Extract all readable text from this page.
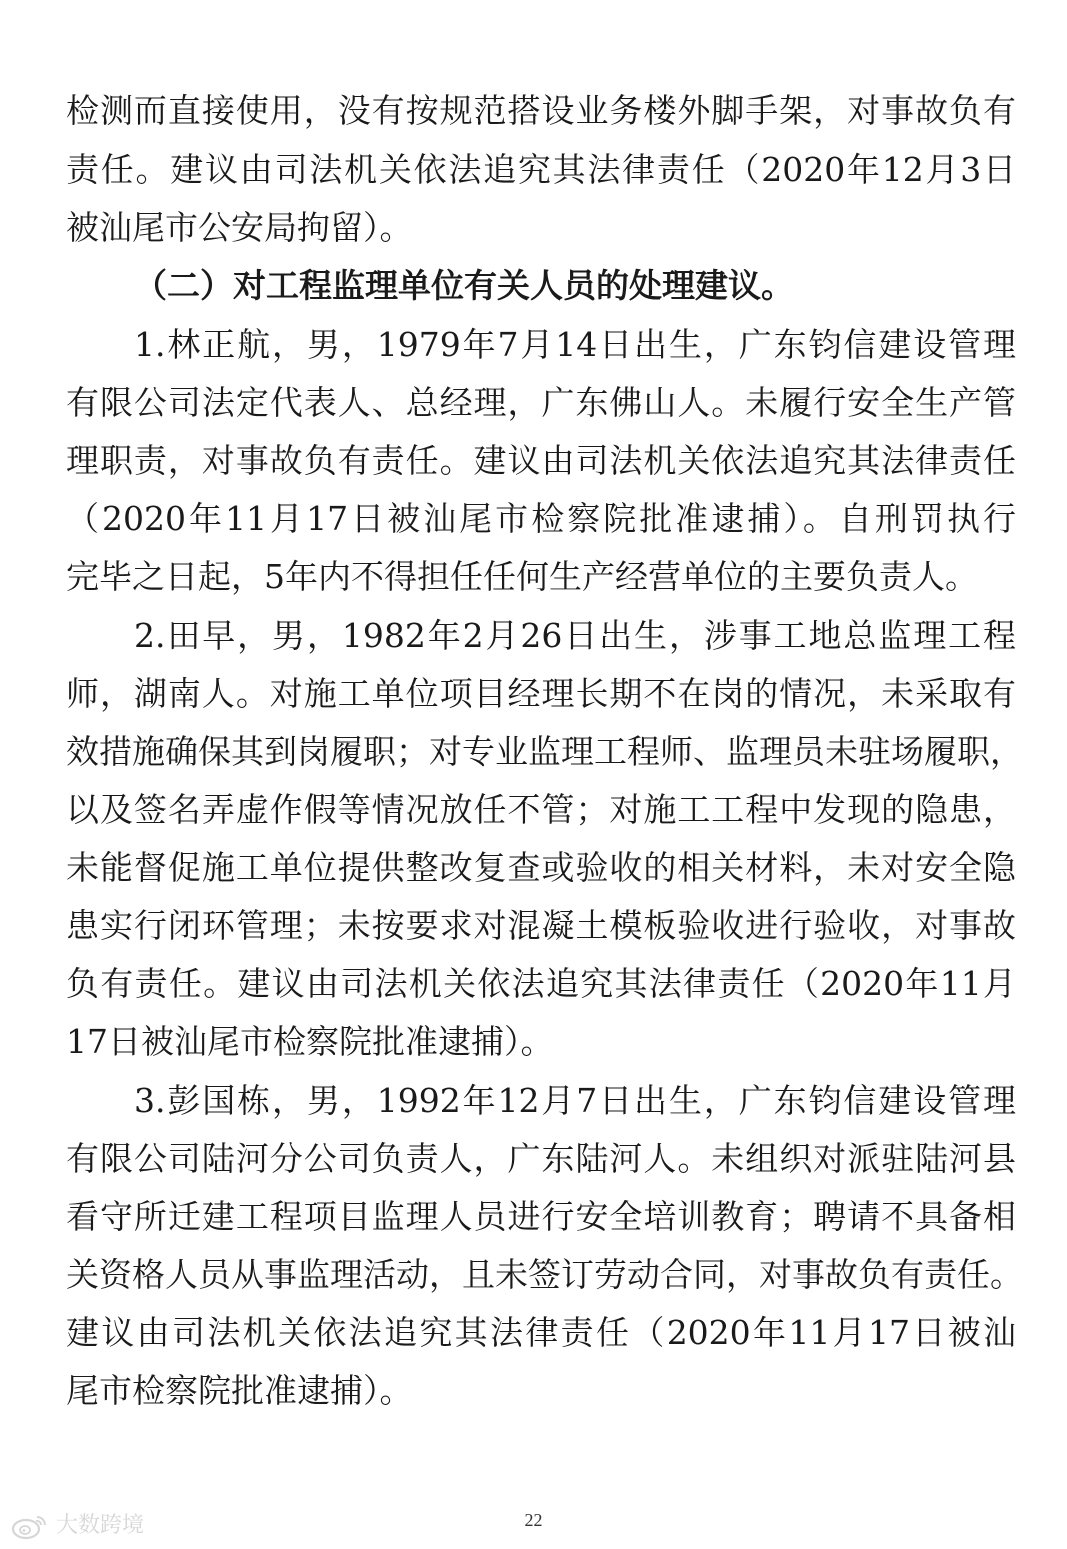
检测而直接使用，没有按规范搭设业务楼外脚手架，对事故负有
责任。建议由司法机关依法追究其法律责任（2020年12月3日
被汕尾市公安局拘留）。
（二）对工程监理单位有关人员的处理建议。
1.林正航，男，1979年7月14日出生，广东钧信建设管理
有限公司法定代表人、总经理，广东佛山人。未履行安全生产管
理职责，对事故负有责任。建议由司法机关依法追究其法律责任
（2020年11月17日被汕尾市检察院批准逮捕）。自刑罚执行
完毕之日起，5年内不得担任任何生产经营单位的主要负责人。
2.田早，男，1982年2月26日出生，涉事工地总监理工程
师，湖南人。对施工单位项目经理长期不在岗的情况，未采取有
效措施确保其到岗履职；对专业监理工程师、监理员未驻场履职，
以及签名弄虚作假等情况放任不管；对施工工程中发现的隐患，
未能督促施工单位提供整改复查或验收的相关材料，未对安全隐
患实行闭环管理；未按要求对混凝土模板验收进行验收，对事故
负有责任。建议由司法机关依法追究其法律责任（2020年11月
17日被汕尾市检察院批准逮捕）。
3.彭国栋，男，1992年12月7日出生，广东钧信建设管理
有限公司陆河分公司负责人，广东陆河人。未组织对派驻陆河县
看守所迁建工程项目监理人员进行安全培训教育；聘请不具备相
关资格人员从事监理活动，且未签订劳动合同，对事故负有责任。
建议由司法机关依法追究其法律责任（2020年11月17日被汕
尾市检察院批准逮捕）。
22
大数跨境
